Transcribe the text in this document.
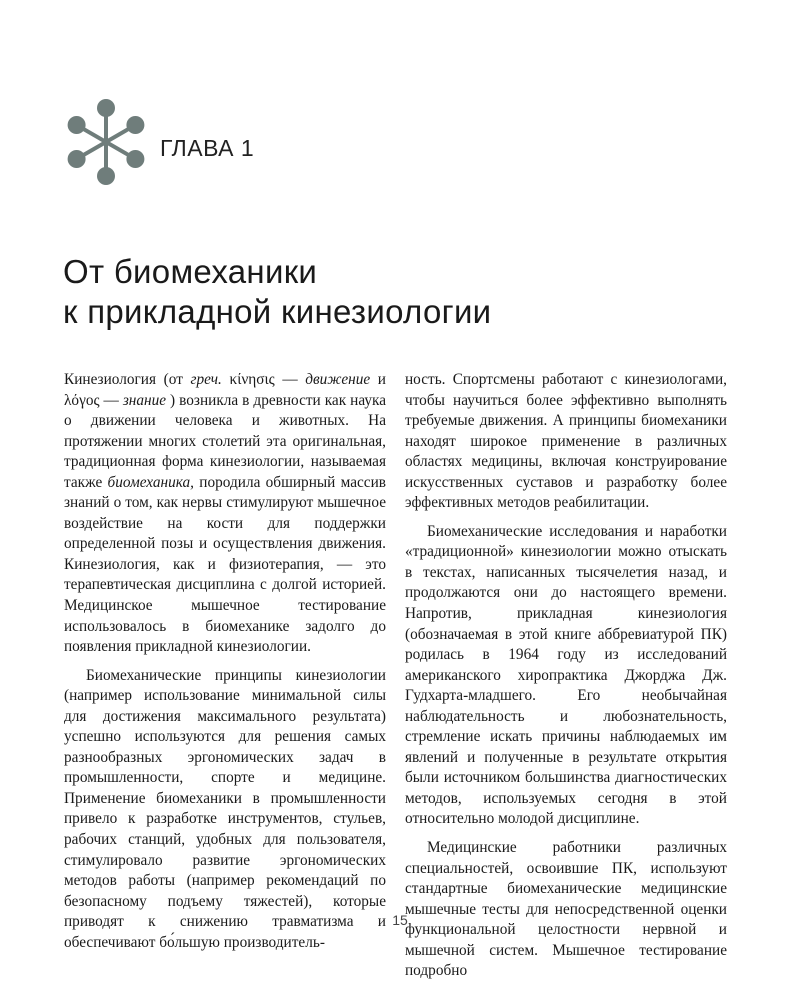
ГЛАВА 1
От биомеханики
к прикладной кинезиологии

Кинезиология (от греч. κίνησις — движение и λόγος — знание ) возникла в древности как наука о движении человека и животных. На протяжении многих столетий эта оригинальная, традиционная форма кинезиологии, называемая также биомеханика, породила обширный массив знаний о том, как нервы стимулируют мышечное воздействие на кости для поддержки определенной позы и осуществления движения. Кинезиология, как и физиотерапия, — это терапевтическая дисциплина с долгой историей. Медицинское мышечное тестирование использовалось в биомеханике задолго до появления прикладной кинезиологии.

Биомеханические принципы кинезиологии (например использование минимальной силы для достижения максимального результата) успешно используются для решения самых разнообразных эргономических задач в промышленности, спорте и медицине. Применение биомеханики в промышленности привело к разработке инструментов, стульев, рабочих станций, удобных для пользователя, стимулировало развитие эргономических методов работы (например рекомендаций по безопасному подъему тяжестей), которые приводят к снижению травматизма и обеспечивают бо́льшую производитель-

ность. Спортсмены работают с кинезиологами, чтобы научиться более эффективно выполнять требуемые движения. А принципы биомеханики находят широкое применение в различных областях медицины, включая конструирование искусственных суставов и разработку более эффективных методов реабилитации.

Биомеханические исследования и наработки «традиционной» кинезиологии можно отыскать в текстах, написанных тысячелетия назад, и продолжаются они до настоящего времени. Напротив, прикладная кинезиология (обозначаемая в этой книге аббревиатурой ПК) родилась в 1964 году из исследований американского хиропрактика Джорджа Дж. Гудхарта-младшего. Его необычайная наблюдательность и любознательность, стремление искать причины наблюдаемых им явлений и полученные в результате открытия были источником большинства диагностических методов, используемых сегодня в этой относительно молодой дисциплине.

Медицинские работники различных специальностей, освоившие ПК, используют стандартные биомеханические медицинские мышечные тесты для непосредственной оценки функциональной целостности нервной и мышечной систем. Мышечное тестирование подробно

15
